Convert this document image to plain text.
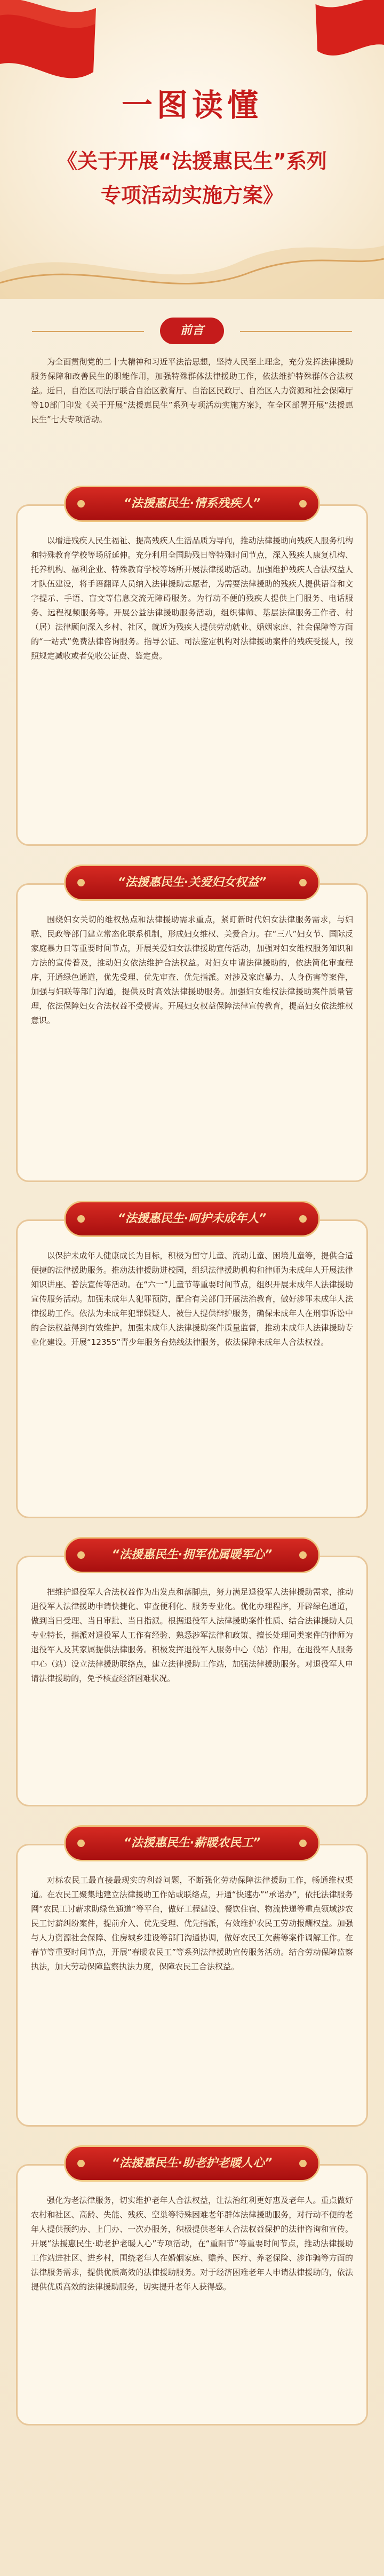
一图读懂
《关于开展“法援惠民生”系列专项活动实施方案》
前言
为全面贯彻党的二十大精神和习近平法治思想，坚持人民至上理念，充分发挥法律援助服务保障和改善民生的职能作用，加强特殊群体法律援助工作，依法维护特殊群体合法权益。近日，自治区司法厅联合自治区教育厅、自治区民政厅、自治区人力资源和社会保障厅等10部门印发《关于开展“法援惠民生”系列专项活动实施方案》，在全区部署开展“法援惠民生”七大专项活动。
“法援惠民生·情系残疾人”
以增进残疾人民生福祉、提高残疾人生活品质为导向，推动法律援助向残疾人服务机构和特殊教育学校等场所延伸。充分利用全国助残日等特殊时间节点，深入残疾人康复机构、托养机构、福利企业、特殊教育学校等场所开展法律援助活动。加强维护残疾人合法权益人才队伍建设，将手语翻译人员纳入法律援助志愿者，为需要法律援助的残疾人提供语音和文字提示、手语、盲文等信息交流无障碍服务。为行动不便的残疾人提供上门服务、电话服务、远程视频服务等。开展公益法律援助服务活动，组织律师、基层法律服务工作者、村（居）法律顾问深入乡村、社区，就近为残疾人提供劳动就业、婚姻家庭、社会保障等方面的“一站式”免费法律咨询服务。指导公证、司法鉴定机构对法律援助案件的残疾受援人，按照规定减收或者免收公证费、鉴定费。
“法援惠民生·关爱妇女权益”
围绕妇女关切的维权热点和法律援助需求重点，紧盯新时代妇女法律服务需求，与妇联、民政等部门建立常态化联系机制，形成妇女维权、关爱合力。在“三八”妇女节、国际反家庭暴力日等重要时间节点，开展关爱妇女法律援助宣传活动，加强对妇女维权服务知识和方法的宣传普及，推动妇女依法维护合法权益。对妇女申请法律援助的，依法简化审查程序，开通绿色通道，优先受理、优先审查、优先指派。对涉及家庭暴力、人身伤害等案件，加强与妇联等部门沟通，提供及时高效法律援助服务。加强妇女维权法律援助案件质量管理，依法保障妇女合法权益不受侵害。开展妇女权益保障法律宣传教育，提高妇女依法维权意识。
“法援惠民生·呵护未成年人”
以保护未成年人健康成长为目标，积极为留守儿童、流动儿童、困境儿童等，提供合适便捷的法律援助服务。推动法律援助进校园，组织法律援助机构和律师为未成年人开展法律知识讲座、普法宣传等活动。在“六一”儿童节等重要时间节点，组织开展未成年人法律援助宣传服务活动。加强未成年人犯罪预防，配合有关部门开展法治教育，做好涉罪未成年人法律援助工作。依法为未成年犯罪嫌疑人、被告人提供辩护服务，确保未成年人在刑事诉讼中的合法权益得到有效维护。加强未成年人法律援助案件质量监督，推动未成年人法律援助专业化建设。开展“12355”青少年服务台热线法律服务，依法保障未成年人合法权益。
“法援惠民生·拥军优属暖军心”
把维护退役军人合法权益作为出发点和落脚点，努力满足退役军人法律援助需求，推动退役军人法律援助申请快捷化、审查便利化、服务专业化。优化办理程序，开辟绿色通道，做到当日受理、当日审批、当日指派。根据退役军人法律援助案件性质、结合法律援助人员专业特长，指派对退役军人工作有经验、熟悉涉军法律和政策、擅长处理同类案件的律师为退役军人及其家属提供法律服务。积极发挥退役军人服务中心（站）作用，在退役军人服务中心（站）设立法律援助联络点，建立法律援助工作站，加强法律援助服务。对退役军人申请法律援助的，免予核查经济困难状况。
“法援惠民生·薪暖农民工”
对标农民工最直接最现实的利益问题，不断强化劳动保障法律援助工作，畅通维权渠道。在农民工聚集地建立法律援助工作站或联络点，开通“快速办”“承诺办”，依托法律服务网“农民工讨薪求助绿色通道”等平台，做好工程建设、餐饮住宿、物流快递等重点领域涉农民工讨薪纠纷案件，提前介入、优先受理、优先指派，有效维护农民工劳动报酬权益。加强与人力资源社会保障、住房城乡建设等部门沟通协调，做好农民工欠薪等案件调解工作。在春节等重要时间节点，开展“春暖农民工”等系列法律援助宣传服务活动。结合劳动保障监察执法，加大劳动保障监察执法力度，保障农民工合法权益。
“法援惠民生·助老护老暖人心”
强化为老法律服务，切实维护老年人合法权益，让法治红利更好惠及老年人。重点做好农村和社区、高龄、失能、残疾、空巢等特殊困难老年群体法律援助服务，对行动不便的老年人提供预约办、上门办、一次办服务，积极提供老年人合法权益保护的法律咨询和宣传。开展“法援惠民生·助老护老暖人心”专项活动，在“重阳节”等重要时间节点，推动法律援助工作站进社区、进乡村，围绕老年人在婚姻家庭、赡养、医疗、养老保险、涉诈骗等方面的法律服务需求，提供优质高效的法律援助服务。对于经济困难老年人申请法律援助的，依法提供优质高效的法律援助服务，切实提升老年人获得感。
